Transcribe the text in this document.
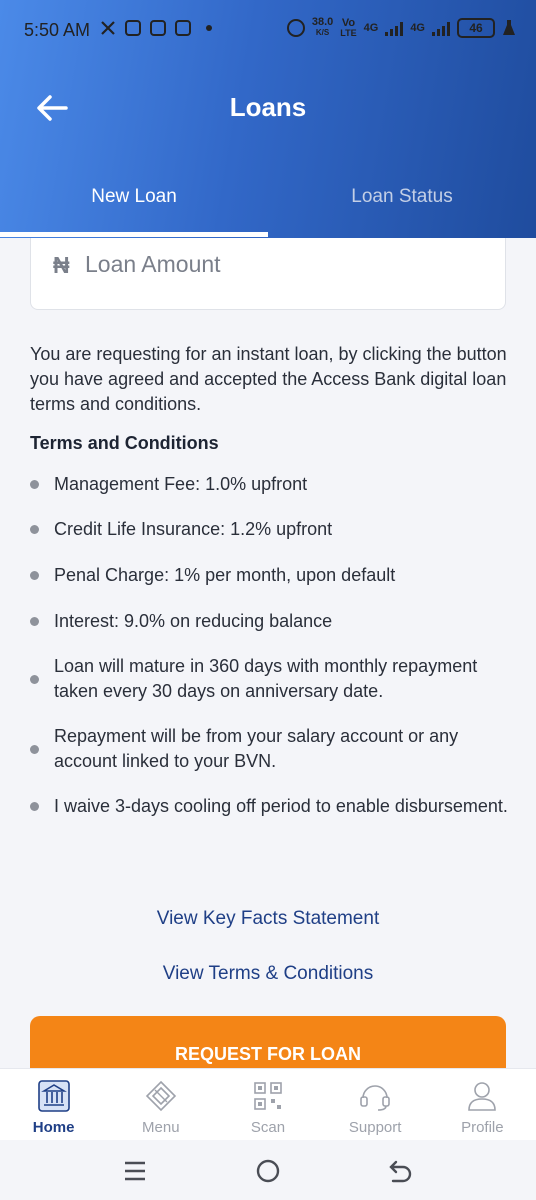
5:50 AM	38.0
K/S
Vo
LTE 4G	4G	46
Loans
New Loan	Loan Status
₦
Loan Amount

You are requesting for an instant loan, by clicking the button you have agreed and accepted the Access Bank digital loan terms and conditions.

Terms and Conditions
Management Fee: 1.0% upfront
Credit Life Insurance: 1.2% upfront
Penal Charge: 1% per month, upon default
Interest: 9.0% on reducing balance
Loan will mature in 360 days with monthly repayment taken every 30 days on anniversary date.
Repayment will be from your salary account or any account linked to your BVN.
I waive 3-days cooling off period to enable disbursement.
View Key Facts Statement
View Terms & Conditions
REQUEST FOR LOAN
Home	Menu	Scan	Support	Profile
